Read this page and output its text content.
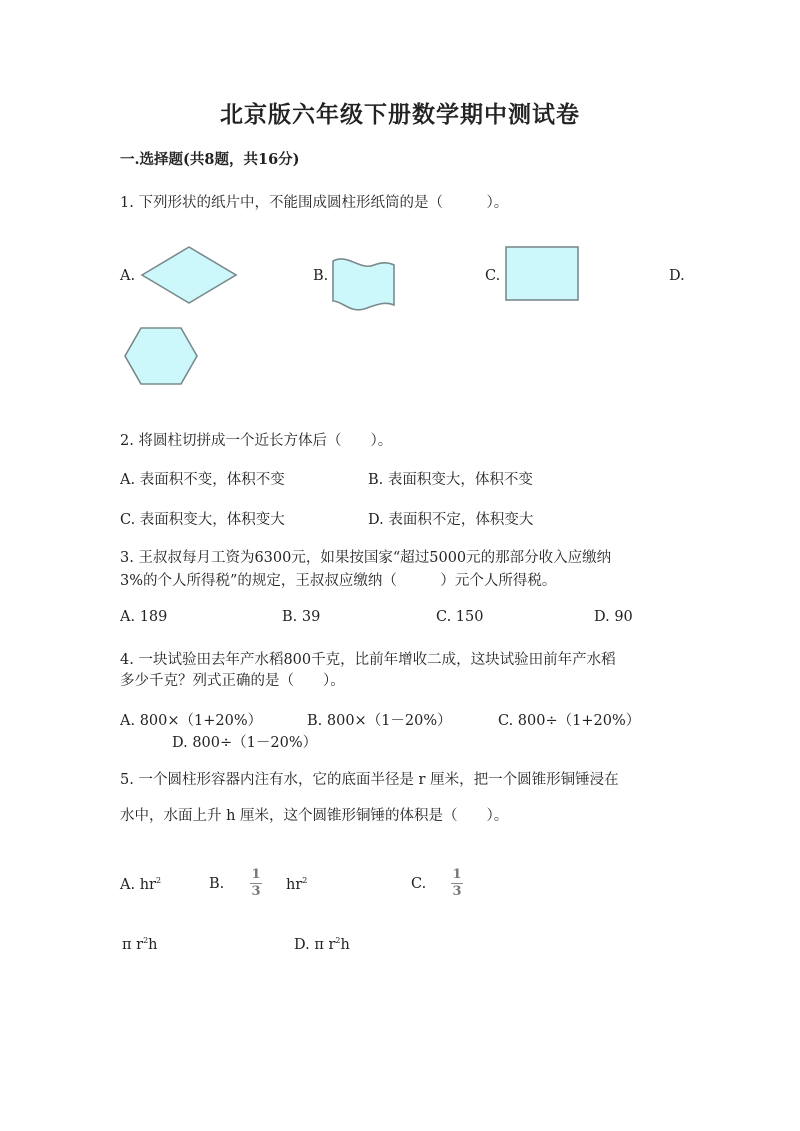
北京版六年级下册数学期中测试卷
一.选择题(共8题，共16分)
1. 下列形状的纸片中，不能围成圆柱形纸筒的是（　　　）。
A.	B.	C.	D.
2. 将圆柱切拼成一个近长方体后（　　）。
A. 表面积不变，体积不变	B. 表面积变大，体积不变
C. 表面积变大，体积变大	D. 表面积不定，体积变大
3. 王叔叔每月工资为6300元，如果按国家“超过5000元的那部分收入应缴纳
3%的个人所得税”的规定，王叔叔应缴纳（　　　）元个人所得税。
A. 189	B. 39	C. 150	D. 90
4. 一块试验田去年产水稻800千克，比前年增收二成，这块试验田前年产水稻
多少千克？列式正确的是（　　）。
A. 800×（1+20%）	B. 800×（1－20%）	C. 800÷（1+20%）
D. 800÷（1－20%）
5. 一个圆柱形容器内注有水，它的底面半径是 r 厘米，把一个圆锥形铜锤浸在
水中，水面上升 h 厘米，这个圆锥形铜锤的体积是（　　）。
A. $hr^2$	B. $\frac{1}{3} hr^2$	C. $\frac{1}{3}$
π $r^2h$	D. π $r^2h$
